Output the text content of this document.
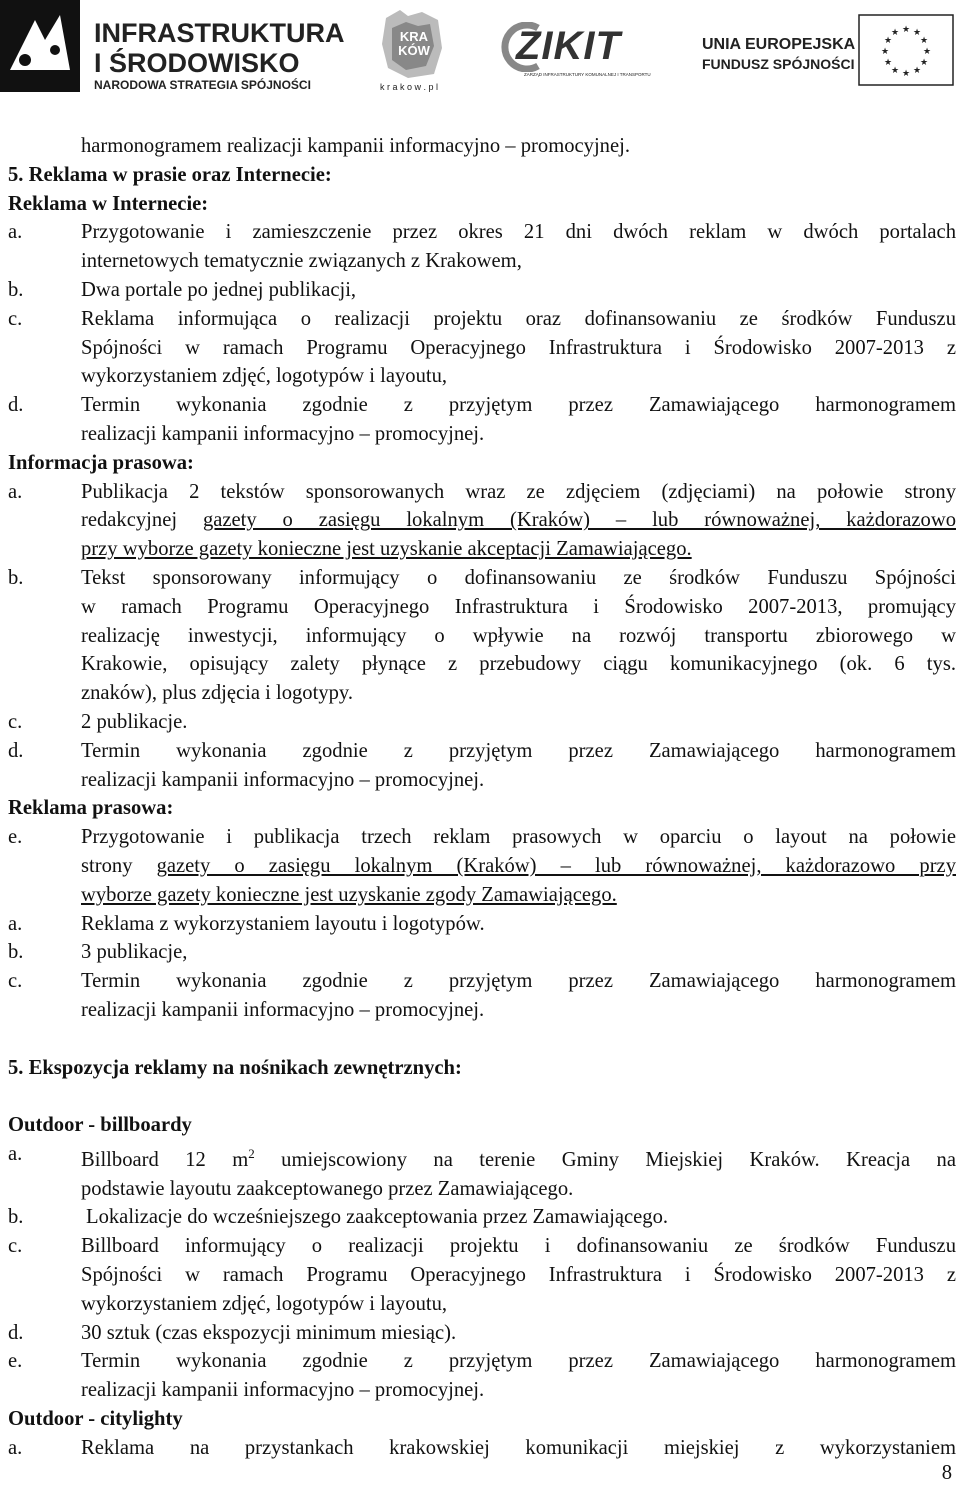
INFRASTRUKTURA
I ŚRODOWISKO
NARODOWA STRATEGIA SPÓJNOŚCI
KRA KÓW
k r a k o w . p l
ZIKIT
ZARZĄD INFRASTRUKTURY KOMUNALNEJ I TRANSPORTU
UNIA EUROPEJSKA
FUNDUSZ SPÓJNOŚCI
★ ★
★
★
★
★
★
★
★
★
★
★
harmonogramem realizacji kampanii informacyjno – promocyjnej.
5. Reklama w prasie oraz Internecie:
Reklama w Internecie:
a.	Przygotowanie i zamieszczenie przez okres 21 dni dwóch reklam w dwóch portalach
internetowych tematycznie związanych z Krakowem,
b.	Dwa portale po jednej publikacji,
c.	Reklama informująca o realizacji projektu oraz dofinansowaniu ze środków Funduszu
Spójności w ramach Programu Operacyjnego Infrastruktura i Środowisko 2007-2013 z
wykorzystaniem zdjęć, logotypów i layoutu,
d.	Termin wykonania zgodnie z przyjętym przez Zamawiającego harmonogramem
realizacji kampanii informacyjno – promocyjnej.
Informacja prasowa:
a.	Publikacja 2 tekstów sponsorowanych wraz ze zdjęciem (zdjęciami) na połowie strony
redakcyjnej gazety o zasięgu lokalnym (Kraków) – lub równoważnej, każdorazowo
przy wyborze gazety konieczne jest uzyskanie akceptacji Zamawiającego.
b.	Tekst sponsorowany informujący o dofinansowaniu ze środków Funduszu Spójności
w ramach Programu Operacyjnego Infrastruktura i Środowisko 2007-2013, promujący
realizację inwestycji, informujący o wpływie na rozwój transportu zbiorowego w
Krakowie, opisujący zalety płynące z przebudowy ciągu komunikacyjnego (ok. 6 tys.
znaków), plus zdjęcia i logotypy.
c.	2 publikacje.
d.	Termin wykonania zgodnie z przyjętym przez Zamawiającego harmonogramem
realizacji kampanii informacyjno – promocyjnej.
Reklama prasowa:
e.	Przygotowanie i publikacja trzech reklam prasowych w oparciu o layout na połowie
strony gazety o zasięgu lokalnym (Kraków) – lub równoważnej, każdorazowo przy
wyborze gazety konieczne jest uzyskanie zgody Zamawiającego.
a.	Reklama z wykorzystaniem layoutu i logotypów.
b.	3 publikacje,
c.	Termin wykonania zgodnie z przyjętym przez Zamawiającego harmonogramem
realizacji kampanii informacyjno – promocyjnej.
5. Ekspozycja reklamy na nośnikach zewnętrznych:
Outdoor - billboardy
a.	Billboard 12 $m^2$ umiejscowiony na terenie Gminy Miejskiej Kraków. Kreacja na
podstawie layoutu zaakceptowanego przez Zamawiającego.
b.	Lokalizacje do wcześniejszego zaakceptowania przez Zamawiającego.
c.	Billboard informujący o realizacji projektu i dofinansowaniu ze środków Funduszu
Spójności w ramach Programu Operacyjnego Infrastruktura i Środowisko 2007-2013 z
wykorzystaniem zdjęć, logotypów i layoutu,
d.	30 sztuk (czas ekspozycji minimum miesiąc).
e.	Termin wykonania zgodnie z przyjętym przez Zamawiającego harmonogramem
realizacji kampanii informacyjno – promocyjnej.
Outdoor - citylighty
a.	Reklama na przystankach krakowskiej komunikacji miejskiej z wykorzystaniem
8
